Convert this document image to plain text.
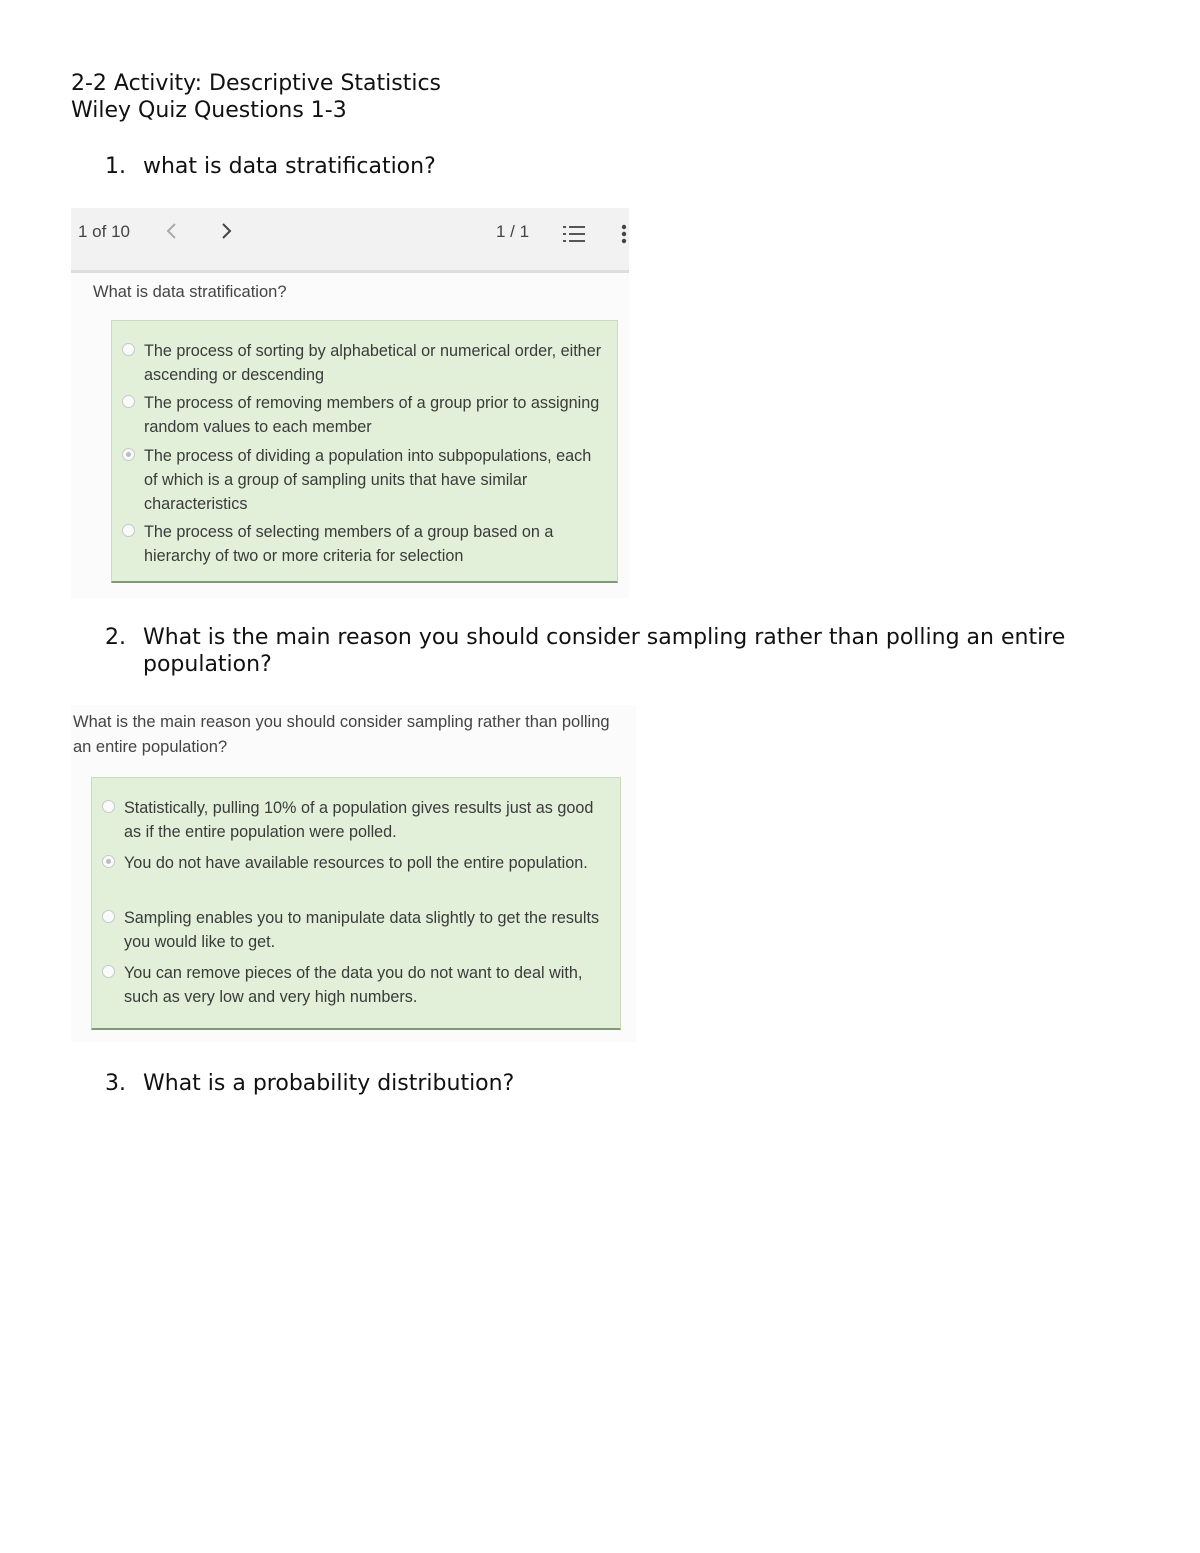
2-2 Activity: Descriptive Statistics
Wiley Quiz Questions 1-3
1. what is data stratification?
1 of 10	1 / 1
What is data stratification?
The process of sorting by alphabetical or numerical order, either ascending or descending
The process of removing members of a group prior to assigning random values to each member
The process of dividing a population into subpopulations, each of which is a group of sampling units that have similar characteristics
The process of selecting members of a group based on a hierarchy of two or more criteria for selection
2. What is the main reason you should consider sampling rather than polling an entire population?
What is the main reason you should consider sampling rather than polling an entire population?
Statistically, pulling 10% of a population gives results just as good as if the entire population were polled.
You do not have available resources to poll the entire population.
Sampling enables you to manipulate data slightly to get the results you would like to get.
You can remove pieces of the data you do not want to deal with, such as very low and very high numbers.
3. What is a probability distribution?
